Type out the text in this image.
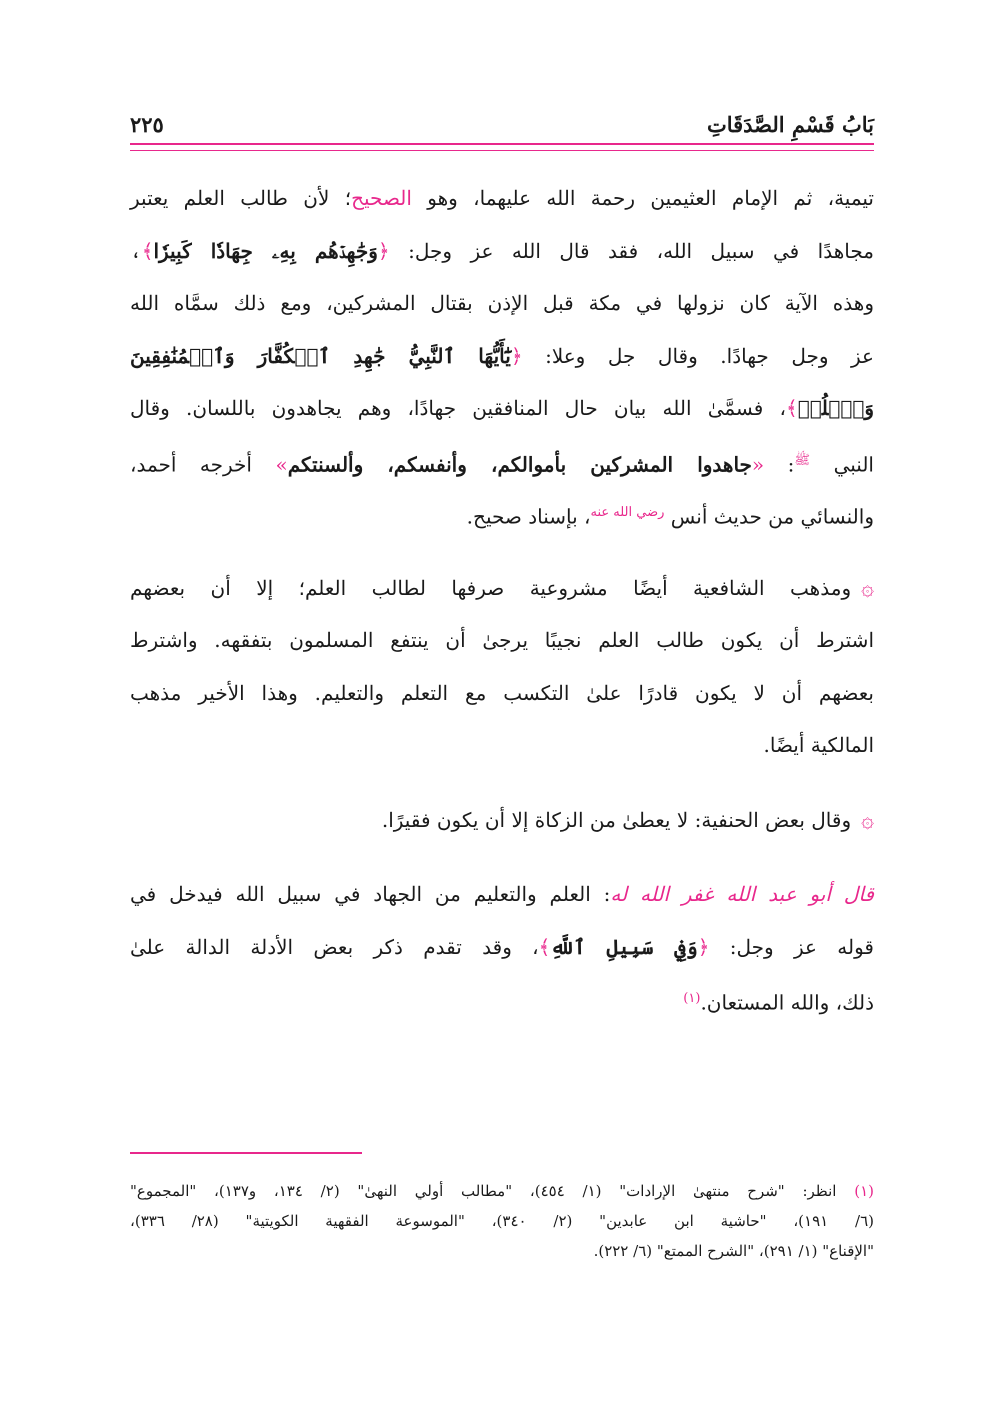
بَابُ قَسْمِ الصَّدَقَاتِ
٢٢٥

تيمية، ثم الإمام العثيمين رحمة الله عليهما، وهو الصحيح؛ لأن طالب العلم يعتبر

مجاهدًا في سبيل الله، فقد قال الله عز وجل: ﴿وَجَٰهِدۡهُم بِهِۦ جِهَادٗا كَبِيرٗا﴾،

وهذه الآية كان نزولها في مكة قبل الإذن بقتال المشركين، ومع ذلك سمَّاه الله

عز وجل جهادًا. وقال جل وعلا: ﴿يَٰٓأَيُّهَا ٱلنَّبِيُّ جَٰهِدِ ٱلۡكُفَّارَ وَٱلۡمُنَٰفِقِينَ

وَٱغۡلُظۡ﴾، فسمَّىٰ الله بيان حال المنافقين جهادًا، وهم يجاهدون باللسان. وقال

النبي $^ﷺ$: «جاهدوا المشركين بأموالكم، وأنفسكم، وألسنتكم» أخرجه أحمد،

والنسائي من حديث أنس $^{رضي الله عنه}$، بإسناد صحيح.

۞ومذهب الشافعية أيضًا مشروعية صرفها لطالب العلم؛ إلا أن بعضهم

اشترط أن يكون طالب العلم نجيبًا يرجىٰ أن ينتفع المسلمون بتفقهه. واشترط

بعضهم أن لا يكون قادرًا علىٰ التكسب مع التعلم والتعليم. وهذا الأخير مذهب

المالكية أيضًا.

۞وقال بعض الحنفية: لا يعطىٰ من الزكاة إلا أن يكون فقيرًا.

قال أبو عبد الله غفر الله له: العلم والتعليم من الجهاد في سبيل الله فيدخل في

قوله عز وجل: ﴿وَفِي سَبِيلِ ٱللَّهِ﴾، وقد تقدم ذكر بعض الأدلة الدالة علىٰ

ذلك، والله المستعان.$^{(١)}$

(١) انظر: "شرح منتهىٰ الإرادات" (١/ ٤٥٤)، "مطالب أولي النهىٰ" (٢/ ١٣٤، و١٣٧)، "المجموع"

(٦/ ١٩١)، "حاشية ابن عابدين" (٢/ ٣٤٠)، "الموسوعة الفقهية الكويتية" (٢٨/ ٣٣٦)،

"الإقناع" (١/ ٢٩١)، "الشرح الممتع" (٦/ ٢٢٢).
